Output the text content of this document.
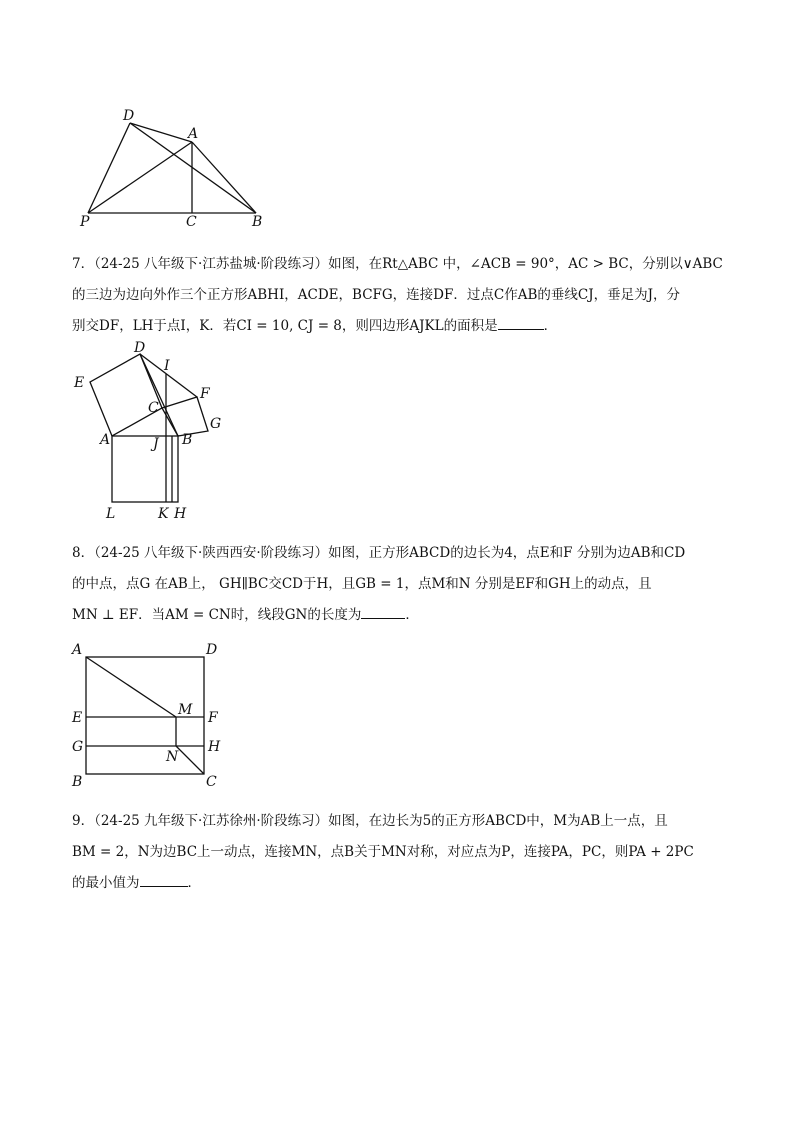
D
A
P	C	B
7．（24-25 八年级下·江苏盐城·阶段练习）如图，在Rt△ABC 中，∠ACB = 90°，AC > BC，分别以∨ABC
的三边为边向外作三个正方形ABHI，ACDE，BCFG，连接DF．过点C作AB的垂线CJ，垂足为J，分
别交DF，LH于点I，K．若CI = 10, CJ = 8，则四边形AJKL的面积是	．
D
I
E
F
C
G
A	J B
L	K H
8．（24-25 八年级下·陕西西安·阶段练习）如图，正方形ABCD的边长为4，点E和F 分别为边AB和CD
的中点，点G 在AB上， GH∥BC交CD于H，且GB = 1，点M和N 分别是EF和GH上的动点，且
MN ⊥ EF．当AM = CN时，线段GN的长度为	．
A	D
M
E	F
G	H
N
B	C
9．（24-25 九年级下·江苏徐州·阶段练习）如图，在边长为5的正方形ABCD中，M为AB上一点，且
BM = 2，N为边BC上一动点，连接MN，点B关于MN对称，对应点为P，连接PA，PC，则PA + 2PC
的最小值为	．
